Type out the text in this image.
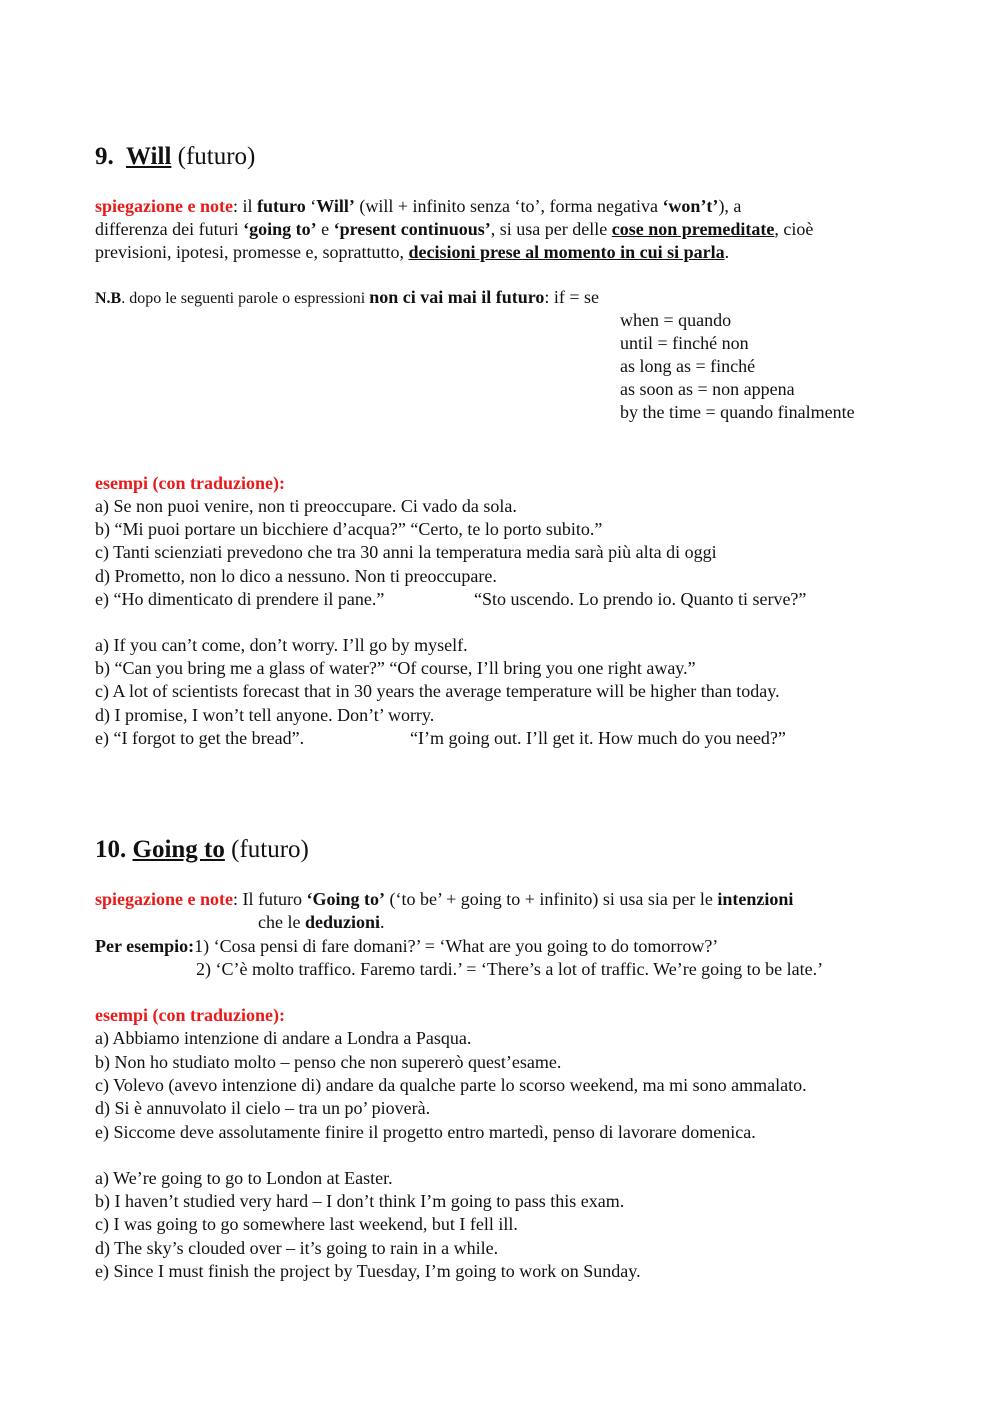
9. Will (futuro)
spiegazione e note: il futuro ‘Will’ (will + infinito senza ‘to’, forma negativa ‘won’t’), a
differenza dei futuri ‘going to’ e ‘present continuous’, si usa per delle cose non premeditate, cioè
previsioni, ipotesi, promesse e, soprattutto, decisioni prese al momento in cui si parla.
N.B. dopo le seguenti parole o espressioni non ci vai mai il futuro: if = se
when = quando
until = finché non
as long as = finché
as soon as = non appena
by the time = quando finalmente
esempi (con traduzione):
a) Se non puoi venire, non ti preoccupare. Ci vado da sola.
b) “Mi puoi portare un bicchiere d’acqua?” “Certo, te lo porto subito.”
c) Tanti scienziati prevedono che tra 30 anni la temperatura media sarà più alta di oggi
d) Prometto, non lo dico a nessuno. Non ti preoccupare.
e) “Ho dimenticato di prendere il pane.”	“Sto uscendo. Lo prendo io. Quanto ti serve?”
a) If you can’t come, don’t worry. I’ll go by myself.
b) “Can you bring me a glass of water?” “Of course, I’ll bring you one right away.”
c) A lot of scientists forecast that in 30 years the average temperature will be higher than today.
d) I promise, I won’t tell anyone. Don’t’ worry.
e) “I forgot to get the bread”.	“I’m going out. I’ll get it. How much do you need?”
10. Going to (futuro)
spiegazione e note: Il futuro ‘Going to’ (‘to be’ + going to + infinito) si usa sia per le intenzioni
che le deduzioni.
Per esempio:1) ‘Cosa pensi di fare domani?’ = ‘What are you going to do tomorrow?’
2) ‘C’è molto traffico. Faremo tardi.’ = ‘There’s a lot of traffic. We’re going to be late.’
esempi (con traduzione):
a) Abbiamo intenzione di andare a Londra a Pasqua.
b) Non ho studiato molto – penso che non supererò quest’esame.
c) Volevo (avevo intenzione di) andare da qualche parte lo scorso weekend, ma mi sono ammalato.
d) Si è annuvolato il cielo – tra un po’ pioverà.
e) Siccome deve assolutamente finire il progetto entro martedì, penso di lavorare domenica.
a) We’re going to go to London at Easter.
b) I haven’t studied very hard – I don’t think I’m going to pass this exam.
c) I was going to go somewhere last weekend, but I fell ill.
d) The sky’s clouded over – it’s going to rain in a while.
e) Since I must finish the project by Tuesday, I’m going to work on Sunday.
